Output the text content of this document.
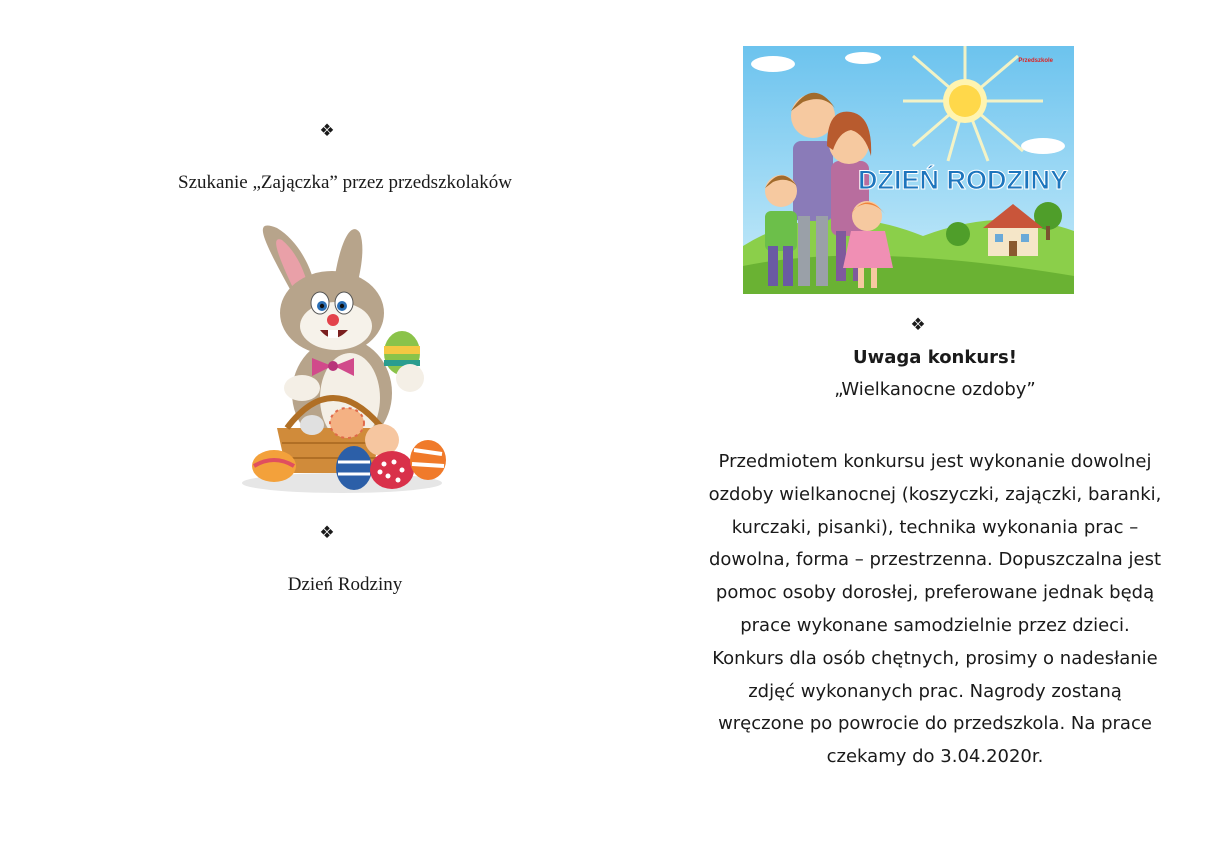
❖
Szukanie „Zajączka” przez przedszkolaków
❖
Dzień Rodziny
DZIEŃ RODZINY
Przedszkole
❖
Uwaga konkurs!
„Wielkanocne ozdoby”
Przedmiotem konkursu jest wykonanie dowolnej
ozdoby wielkanocnej (koszyczki, zajączki, baranki,
kurczaki, pisanki), technika wykonania prac –
dowolna, forma – przestrzenna. Dopuszczalna jest
pomoc osoby dorosłej, preferowane jednak będą
prace wykonane samodzielnie przez dzieci.
Konkurs dla osób chętnych, prosimy o nadesłanie
zdjęć wykonanych prac. Nagrody zostaną
wręczone po powrocie do przedszkola. Na prace
czekamy do 3.04.2020r.
